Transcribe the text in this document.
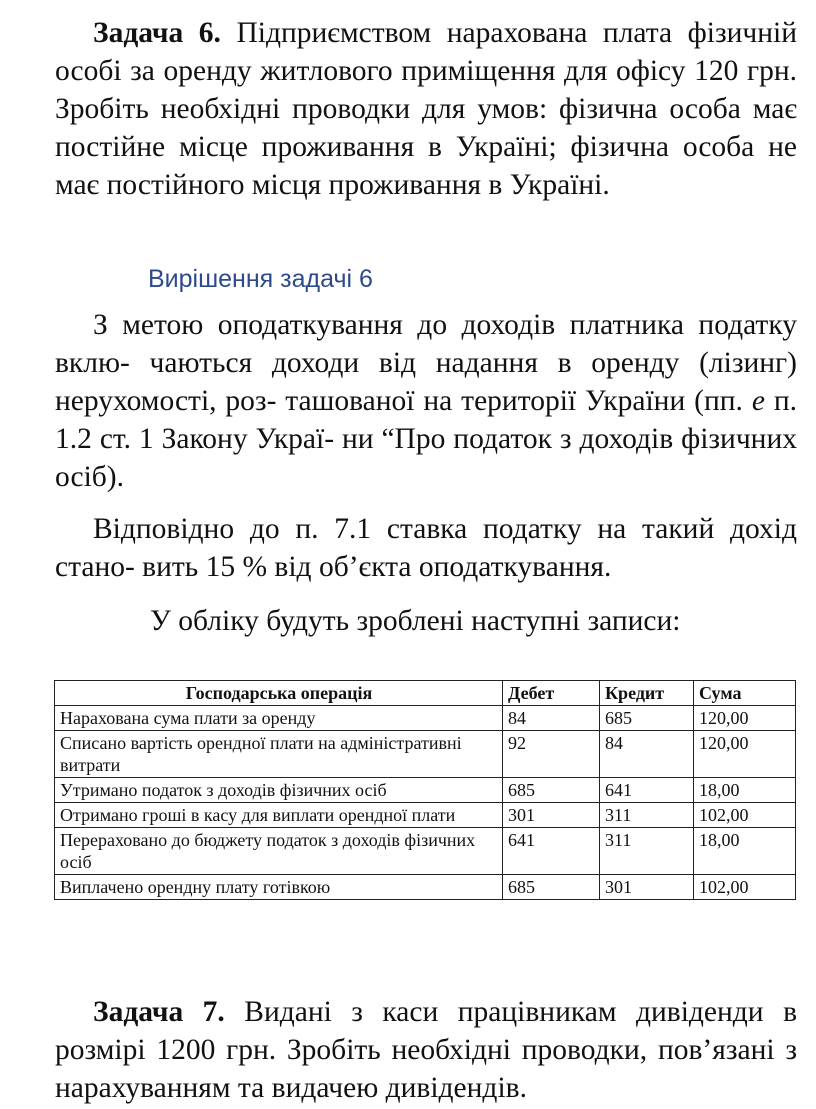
Задача 6. Підприємством нарахована плата фізичній особі за оренду житлового приміщення для офісу 120 грн. Зробіть необхідні проводки для умов: фізична особа має постійне місце проживання в Україні; фізична особа не має постійного місця проживання в Україні.
Вирішення задачі 6
З метою оподаткування до доходів платника податку вклю- чаються доходи від надання в оренду (лізинг) нерухомості, роз- ташованої на території України (пп. е п. 1.2 ст. 1 Закону Украї- ни “Про податок з доходів фізичних осіб).
Відповідно до п. 7.1 ставка податку на такий дохід стано- вить 15 % від об’єкта оподаткування.
У обліку будуть зроблені наступні записи:
Господарська операція	Дебет	Кредит	Сума
Нарахована сума плати за оренду	84	685	120,00
Списано вартість орендної плати на адміністративні витрати	92	84	120,00
Утримано податок з доходів фізичних осіб	685	641	18,00
Отримано гроші в касу для виплати орендної плати	301	311	102,00
Перераховано до бюджету податок з доходів фізичних осіб	641	311	18,00
Виплачено орендну плату готівкою	685	301	102,00
Задача 7. Видані з каси працівникам дивіденди в розмірі 1200 грн. Зробіть необхідні проводки, пов’язані з нарахуванням та видачею дивідендів.
